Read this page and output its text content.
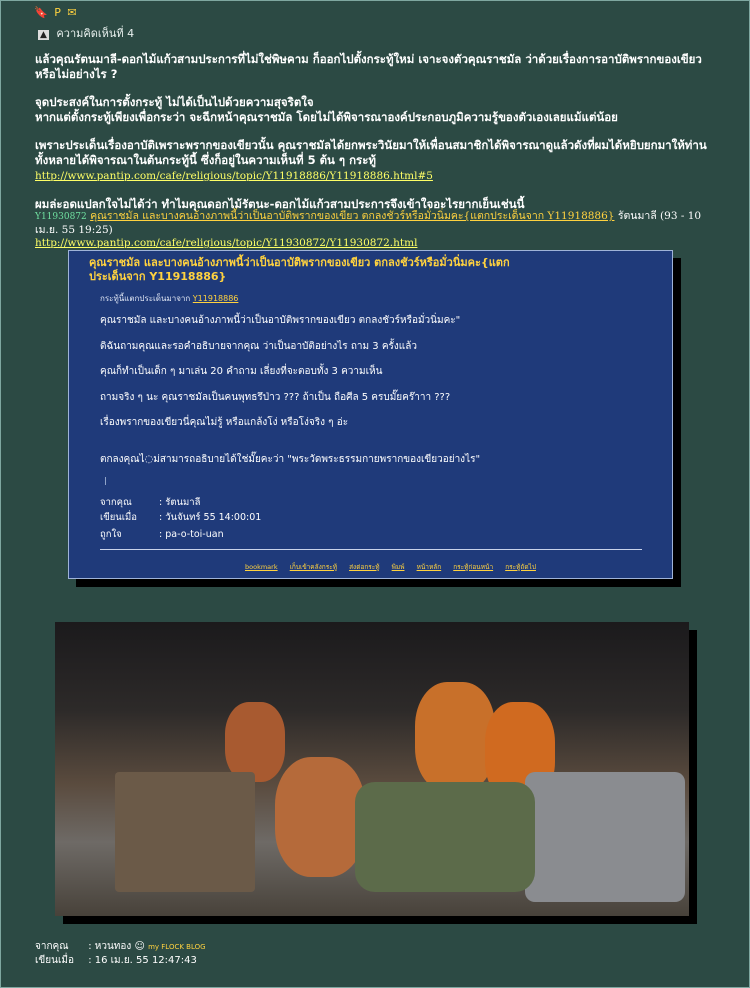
🔖 P ✉
▲ ความคิดเห็นที่ 4

แล้วคุณรัตนมาลี-ดอกไม้แก้วสามประการที่ไม่ใช่พิษคาม ก็ออกไปตั้งกระทู้ใหม่ เจาะจงตัวคุณราชมัล ว่าด้วยเรื่องการอาบัติพรากของเขียวหรือไม่อย่างไร ?

จุดประสงค์ในการตั้งกระทู้ ไม่ได้เป็นไปด้วยความสุจริตใจ
หากแต่ตั้งกระทู้เพียงเพื่อกระว่า จะฉีกหน้าคุณราชมัล โดยไม่ได้พิจารณาองค์ประกอบภูมิความรู้ของตัวเองเลยแม้แต่น้อย

เพราะประเด็นเรื่องอาบัติเพราะพรากของเขียวนั้น คุณราชมัลได้ยกพระวินัยมาให้เพื่อนสมาชิกได้พิจารณาดูแล้วดังที่ผมได้หยิบยกมาให้ท่านทั้งหลายได้พิจารณาในต้นกระทู้นี้ ซึ่งก็อยู่ในความเห็นที่ 5 ต้น ๆ กระทู้ http://www.pantip.com/cafe/religious/topic/Y11918886/Y11918886.html#5

ผมล่ะอดแปลกใจไม่ได้ว่า ทำไมคุณดอกไม้รัตนะ-ดอกไม้แก้วสามประการจึงเข้าใจอะไรยากเย็นเช่นนี้

Y11930872 คุณราชมัล และบางคนอ้างภาพนี้ว่าเป็นอาบัติพรากของเขียว ตกลงชัวร์หรือมั่วนิ่มคะ{แตกประเด็นจาก Y11918886} รัตนมาลี (93 - 10 เม.ย. 55 19:25)
http://www.pantip.com/cafe/religious/topic/Y11930872/Y11930872.html
คุณราชมัล และบางคนอ้างภาพนี้ว่าเป็นอาบัติพรากของเขียว ตกลงชัวร์หรือมั่วนิ่มคะ{แตกประเด็นจาก Y11918886}
กระทู้นี้แตกประเด็นมาจาก Y11918886
คุณราชมัล และบางคนอ้างภาพนี้ว่าเป็นอาบัติพรากของเขียว ตกลงชัวร์หรือมั่วนิ่มคะ"
ดิฉันถามคุณและรอคำอธิบายจากคุณ ว่าเป็นอาบัติอย่างไร ถาม 3 ครั้งแล้ว
คุณก็ทำเป็นเด็ก ๆ มาเล่น 20 คำถาม เลี่ยงที่จะตอบทั้ง 3 ความเห็น
ถามจริง ๆ นะ คุณราชมัลเป็นคนพุทธรึป่าว ??? ถ้าเป็น ถือศีล 5 ครบมั๊ยคร๊าาา ???
เรื่องพรากของเขียวนี่คุณไม่รู้ หรือแกล้งโง่ หรือโง่จริง ๆ อ่ะ
ตกลงคุณไ◌ม่สามารถอธิบายได้ใช่มั๊ยคะว่า "พระวัดพระธรรมกายพรากของเขียวอย่างไร"
จากคุณ	: รัตนมาลี
เขียนเมื่อ : วันจันทร์ 55 14:00:01
ถูกใจ	: pa-o-toi-uan
bookmark เก็บเข้าคลังกระทู้ ส่งต่อกระทู้ พิมพ์ หน้าหลัก กระทู้ก่อนหน้า กระทู้ถัดไป
จากคุณ : หวนทอง ☺ my FLOCK BLOG
เขียนเมื่อ : 16 เม.ย. 55 12:47:43
